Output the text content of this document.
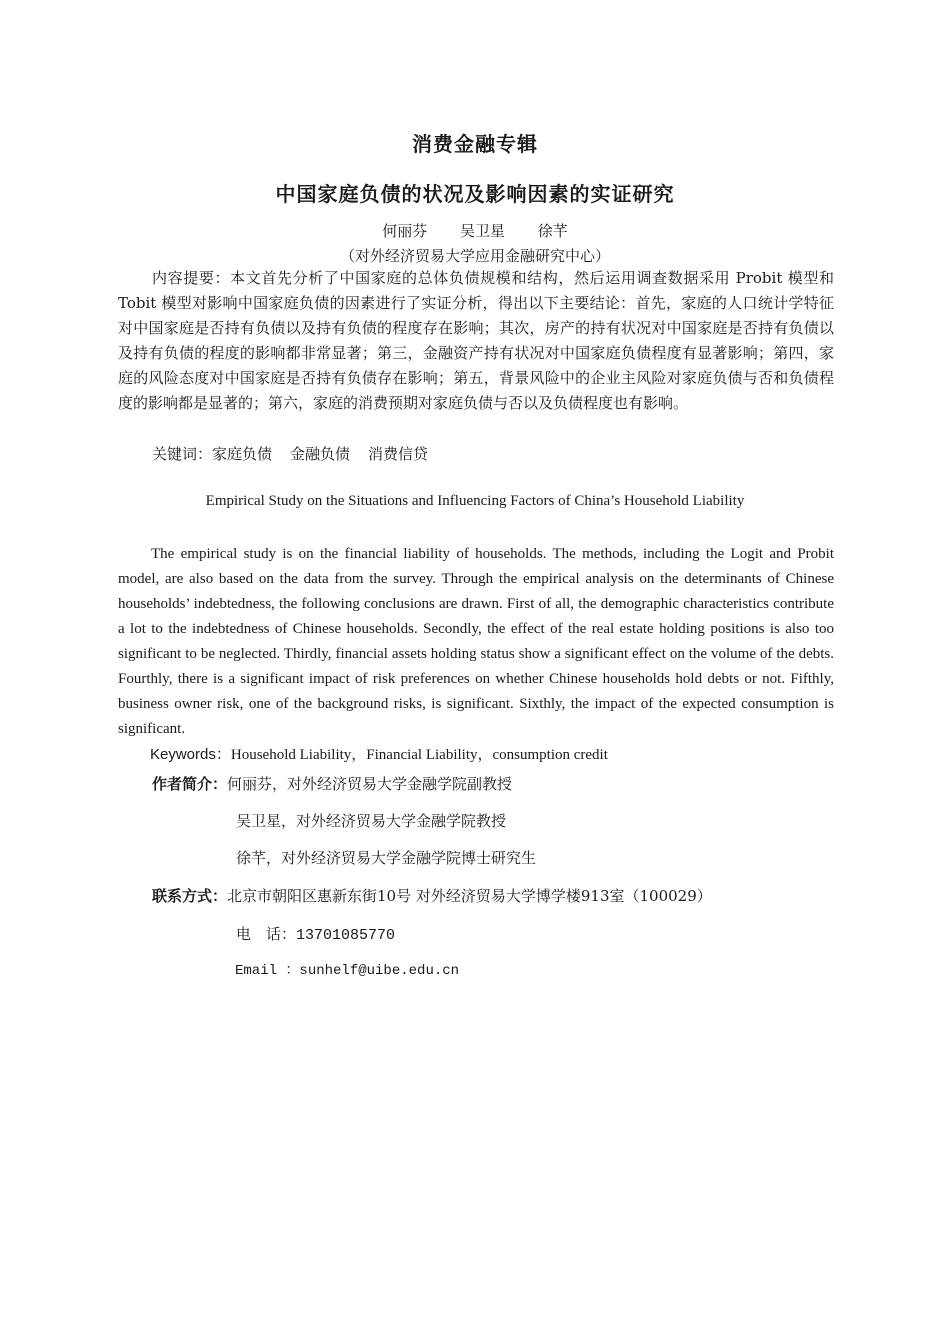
消费金融专辑
中国家庭负债的状况及影响因素的实证研究
何丽芬 吴卫星 徐芊
（对外经济贸易大学应用金融研究中心）

内容提要：本文首先分析了中国家庭的总体负债规模和结构，然后运用调查数据采用 Probit 模型和 Tobit 模型对影响中国家庭负债的因素进行了实证分析，得出以下主要结论：首先，家庭的人口统计学特征对中国家庭是否持有负债以及持有负债的程度存在影响；其次，房产的持有状况对中国家庭是否持有负债以及持有负债的程度的影响都非常显著；第三，金融资产持有状况对中国家庭负债程度有显著影响；第四，家庭的风险态度对中国家庭是否持有负债存在影响；第五，背景风险中的企业主风险对家庭负债与否和负债程度的影响都是显著的；第六，家庭的消费预期对家庭负债与否以及负债程度也有影响。

关键词：家庭负债 金融负债 消费信贷
Empirical Study on the Situations and Influencing Factors of China’s Household Liability

The empirical study is on the financial liability of households. The methods, including the Logit and Probit model, are also based on the data from the survey. Through the empirical analysis on the determinants of Chinese households’ indebtedness, the following conclusions are drawn. First of all, the demographic characteristics contribute a lot to the indebtedness of Chinese households. Secondly, the effect of the real estate holding positions is also too significant to be neglected. Thirdly, financial assets holding status show a significant effect on the volume of the debts. Fourthly, there is a significant impact of risk preferences on whether Chinese households hold debts or not. Fifthly, business owner risk, one of the background risks, is significant. Sixthly, the impact of the expected consumption is significant.

Keywords：Household Liability，Financial Liability，consumption credit
作者简介：何丽芬，对外经济贸易大学金融学院副教授
吴卫星，对外经济贸易大学金融学院教授
徐芊，对外经济贸易大学金融学院博士研究生
联系方式：北京市朝阳区惠新东街10号 对外经济贸易大学博学楼913室（100029）
电　话：13701085770
Email ：sunhelf@uibe.edu.cn
